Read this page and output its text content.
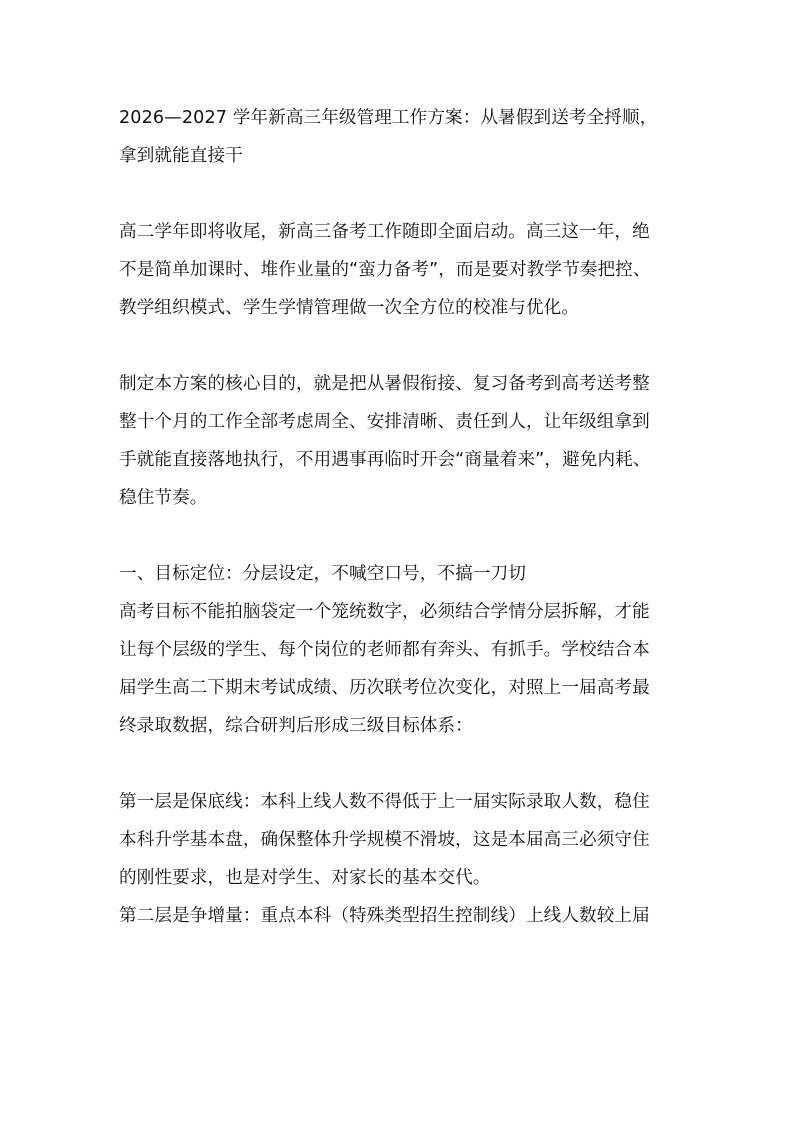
2026—2027 学年新高三年级管理工作方案：从暑假到送考全捋顺，
拿到就能直接干
高二学年即将收尾，新高三备考工作随即全面启动。高三这一年，绝
不是简单加课时、堆作业量的“蛮力备考”，而是要对教学节奏把控、
教学组织模式、学生学情管理做一次全方位的校准与优化。
制定本方案的核心目的，就是把从暑假衔接、复习备考到高考送考整
整十个月的工作全部考虑周全、安排清晰、责任到人，让年级组拿到
手就能直接落地执行，不用遇事再临时开会“商量着来”，避免内耗、
稳住节奏。
一、目标定位：分层设定，不喊空口号，不搞一刀切
高考目标不能拍脑袋定一个笼统数字，必须结合学情分层拆解，才能
让每个层级的学生、每个岗位的老师都有奔头、有抓手。学校结合本
届学生高二下期末考试成绩、历次联考位次变化，对照上一届高考最
终录取数据，综合研判后形成三级目标体系：
第一层是保底线：本科上线人数不得低于上一届实际录取人数，稳住
本科升学基本盘，确保整体升学规模不滑坡，这是本届高三必须守住
的刚性要求，也是对学生、对家长的基本交代。
第二层是争增量：重点本科（特殊类型招生控制线）上线人数较上届
